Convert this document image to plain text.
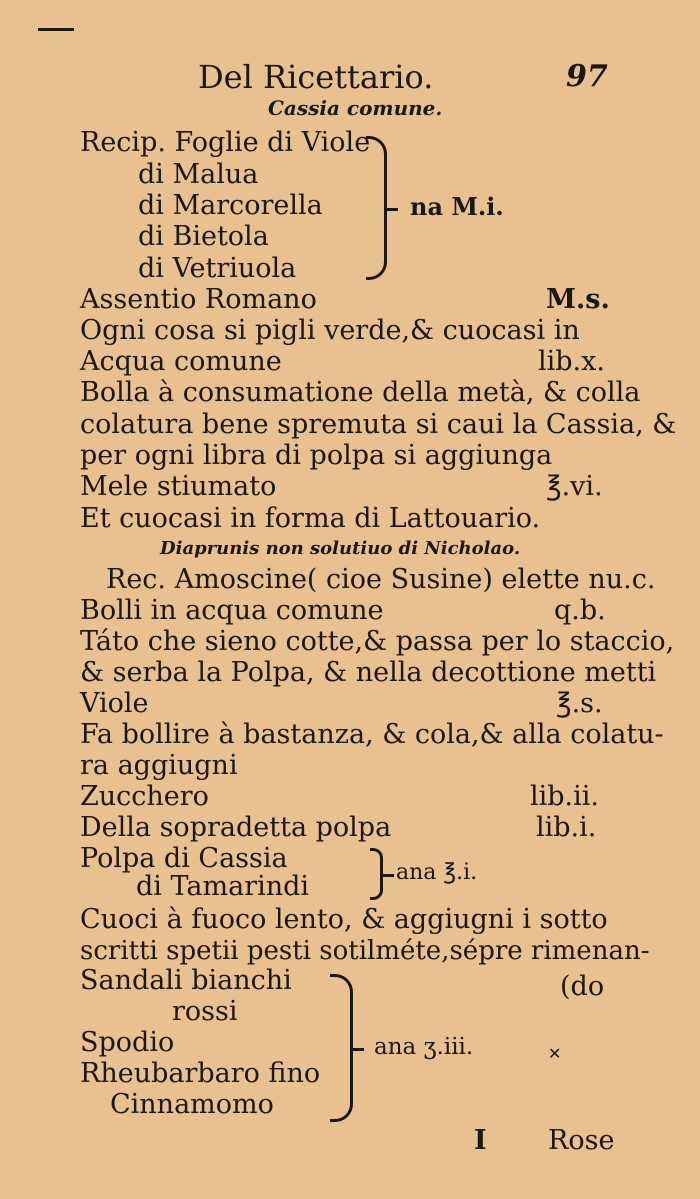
Del Ricettario.	97
Cassia comune.
Recip. Foglie di Viole
di Malua
di Marcorella
di Bietola
di Vetriuola
na M.i.
Assentio Romano	M.s.
Ogni cosa si pigli verde,& cuocasi in
Acqua comune	lib.x.
Bolla à consumatione della metà, & colla
colatura bene spremuta si caui la Cassia, &
per ogni libra di polpa si aggiunga
Mele stiumato	℥.vi.
Et cuocasi in forma di Lattouario.
Diaprunis non solutiuo di Nicholao.
Rec. Amoscine( cioe Susine) elette nu.c.
Bolli in acqua comune	q.b.
Táto che sieno cotte,& passa per lo staccio,
& serba la Polpa, & nella decottione metti
Viole	℥.s.
Fa bollire à bastanza, & cola,& alla colatu-
ra aggiugni
Zucchero	lib.ii.
Della sopradetta polpa	lib.i.
Polpa di Cassia
di Tamarindi	ana ℥.i.
Cuoci à fuoco lento, & aggiugni i sotto
scritti spetii pesti sotilméte,sépre rimenan-
Sandali bianchi	(do
rossi
Spodio
Rheubarbaro fino
Cinnamomo
ana ʒ.iii.	✕
I Rose
